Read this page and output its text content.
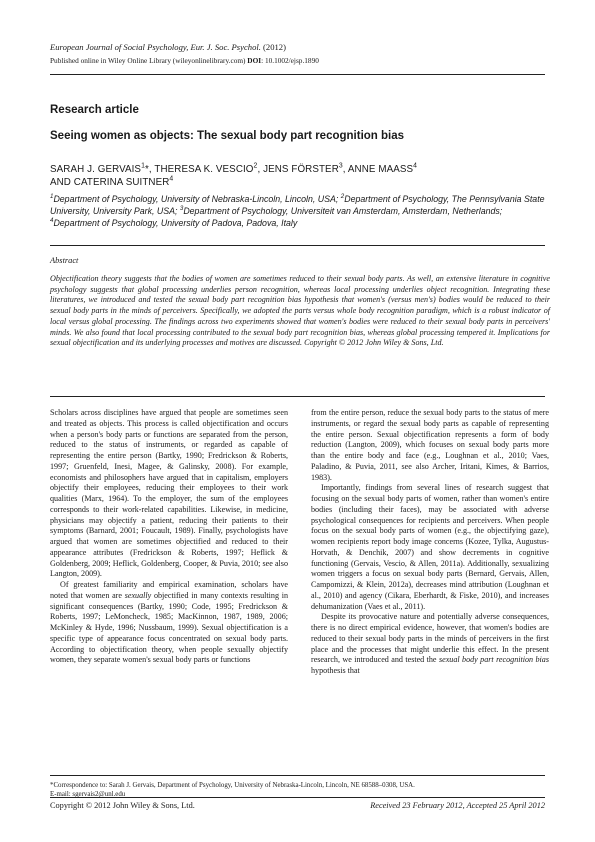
European Journal of Social Psychology, Eur. J. Soc. Psychol. (2012)
Published online in Wiley Online Library (wileyonlinelibrary.com) DOI: 10.1002/ejsp.1890
Research article
Seeing women as objects: The sexual body part recognition bias
SARAH J. GERVAIS$^1$*, THERESA K. VESCIO$^2$, JENS FÖRSTER$^3$, ANNE MAASS$^4$
AND CATERINA SUITNER$^4$
$^1$Department of Psychology, University of Nebraska-Lincoln, Lincoln, USA; $^2$Department of Psychology, The Pennsylvania State University, University Park, USA; $^3$Department of Psychology, Universiteit van Amsterdam, Amsterdam, Netherlands; $^4$Department of Psychology, University of Padova, Padova, Italy
Abstract
Objectification theory suggests that the bodies of women are sometimes reduced to their sexual body parts. As well, an extensive literature in cognitive psychology suggests that global processing underlies person recognition, whereas local processing underlies object recognition. Integrating these literatures, we introduced and tested the sexual body part recognition bias hypothesis that women's (versus men's) bodies would be reduced to their sexual body parts in the minds of perceivers. Specifically, we adopted the parts versus whole body recognition paradigm, which is a robust indicator of local versus global processing. The findings across two experiments showed that women's bodies were reduced to their sexual body parts in perceivers' minds. We also found that local processing contributed to the sexual body part recognition bias, whereas global processing tempered it. Implications for sexual objectification and its underlying processes and motives are discussed. Copyright © 2012 John Wiley & Sons, Ltd.

Scholars across disciplines have argued that people are sometimes seen and treated as objects. This process is called objectification and occurs when a person's body parts or functions are separated from the person, reduced to the status of instruments, or regarded as capable of representing the entire person (Bartky, 1990; Fredrickson & Roberts, 1997; Gruenfeld, Inesi, Magee, & Galinsky, 2008). For example, economists and philosophers have argued that in capitalism, employers objectify their employees, reducing their employees to their work qualities (Marx, 1964). To the employer, the sum of the employees corresponds to their work-related capabilities. Likewise, in medicine, physicians may objectify a patient, reducing their patients to their symptoms (Barnard, 2001; Foucault, 1989). Finally, psychologists have argued that women are sometimes objectified and reduced to their appearance attributes (Fredrickson & Roberts, 1997; Heflick & Goldenberg, 2009; Heflick, Goldenberg, Cooper, & Puvia, 2010; see also Langton, 2009).

Of greatest familiarity and empirical examination, scholars have noted that women are sexually objectified in many contexts resulting in significant consequences (Bartky, 1990; Code, 1995; Fredrickson & Roberts, 1997; LeMoncheck, 1985; MacKinnon, 1987, 1989, 2006; McKinley & Hyde, 1996; Nussbaum, 1999). Sexual objectification is a specific type of appearance focus concentrated on sexual body parts. According to objectification theory, when people sexually objectify women, they separate women's sexual body parts or functions

from the entire person, reduce the sexual body parts to the status of mere instruments, or regard the sexual body parts as capable of representing the entire person. Sexual objectification represents a form of body reduction (Langton, 2009), which focuses on sexual body parts more than the entire body and face (e.g., Loughnan et al., 2010; Vaes, Paladino, & Puvia, 2011, see also Archer, Iritani, Kimes, & Barrios, 1983).

Importantly, findings from several lines of research suggest that focusing on the sexual body parts of women, rather than women's entire bodies (including their faces), may be associated with adverse psychological consequences for recipients and perceivers. When people focus on the sexual body parts of women (e.g., the objectifying gaze), women recipients report body image concerns (Kozee, Tylka, Augustus-Horvath, & Denchik, 2007) and show decrements in cognitive functioning (Gervais, Vescio, & Allen, 2011a). Additionally, sexualizing women triggers a focus on sexual body parts (Bernard, Gervais, Allen, Campomizzi, & Klein, 2012a), decreases mind attribution (Loughnan et al., 2010) and agency (Cikara, Eberhardt, & Fiske, 2010), and increases dehumanization (Vaes et al., 2011).

Despite its provocative nature and potentially adverse consequences, there is no direct empirical evidence, however, that women's bodies are reduced to their sexual body parts in the minds of perceivers in the first place and the processes that might underlie this effect. In the present research, we introduced and tested the sexual body part recognition bias hypothesis that

*Correspondence to: Sarah J. Gervais, Department of Psychology, University of Nebraska-Lincoln, Lincoln, NE 68588–0308, USA.
E-mail: sgervais2@unl.edu
Copyright © 2012 John Wiley & Sons, Ltd.	Received 23 February 2012, Accepted 25 April 2012
